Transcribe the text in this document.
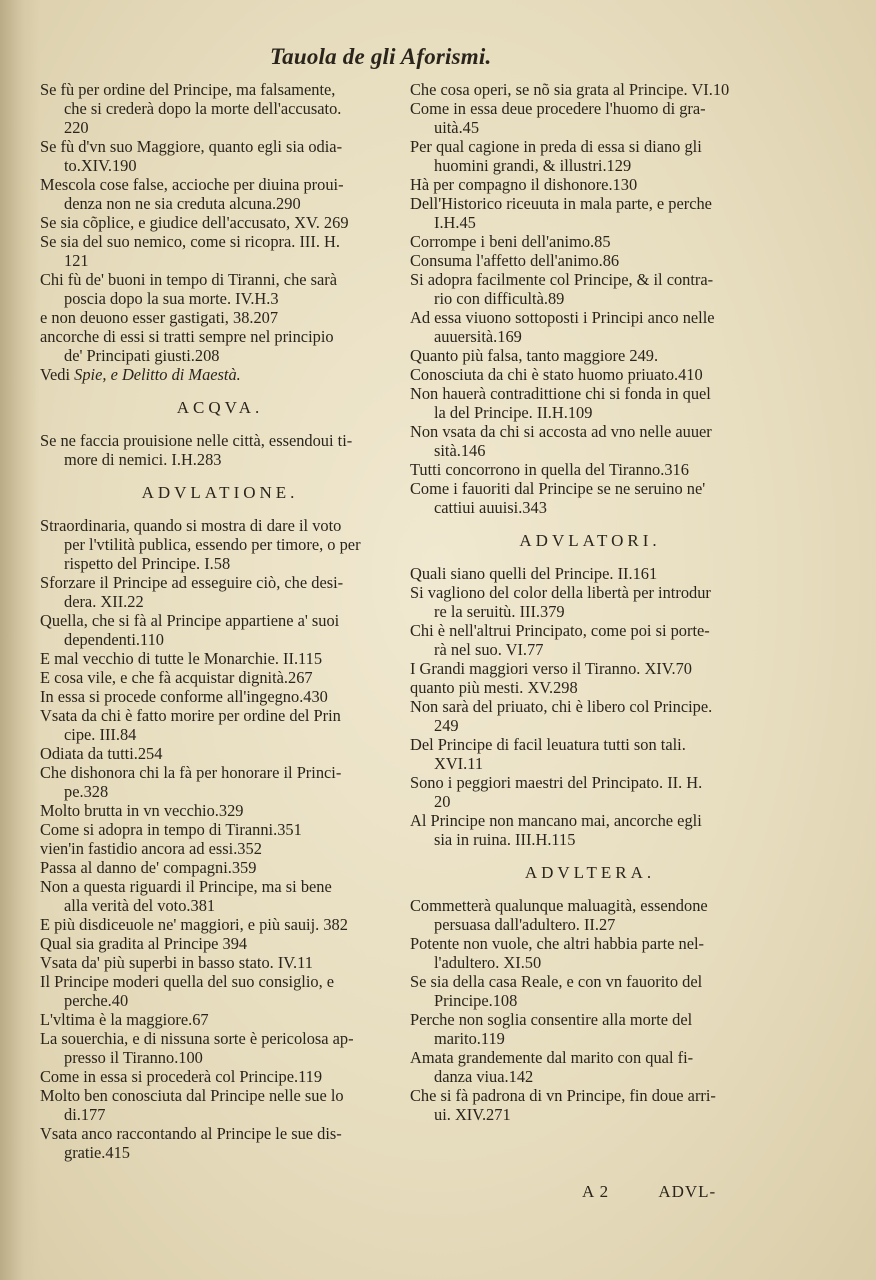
Tauola de gli Aforismi.
Se fù per ordine del Principe, ma falsamente,
che si crederà dopo la morte dell'accusato.
220
Se fù d'vn suo Maggiore, quanto egli sia odia-
to.XIV.190
Mescola cose false, accioche per diuina proui-
denza non ne sia creduta alcuna.290
Se sia cõplice, e giudice dell'accusato, XV. 269
Se sia del suo nemico, come si ricopra. III. H.
121
Chi fù de' buoni in tempo di Tiranni, che sarà
poscia dopo la sua morte. IV.H.3
e non deuono esser gastigati, 38.207
ancorche di essi si tratti sempre nel principio
de' Principati giusti.208
Vedi Spie, e Delitto di Maestà.
ACQVA.
Se ne faccia prouisione nelle città, essendoui ti-
more di nemici. I.H.283
ADVLATIONE.
Straordinaria, quando si mostra di dare il voto
per l'vtilità publica, essendo per timore, o per
rispetto del Principe. I.58
Sforzare il Principe ad esseguire ciò, che desi-
dera. XII.22
Quella, che si fà al Principe appartiene a' suoi
dependenti.110
E mal vecchio di tutte le Monarchie. II.115
E cosa vile, e che fà acquistar dignità.267
In essa si procede conforme all'ingegno.430
Vsata da chi è fatto morire per ordine del Prin
cipe. III.84
Odiata da tutti.254
Che dishonora chi la fà per honorare il Princi-
pe.328
Molto brutta in vn vecchio.329
Come si adopra in tempo di Tiranni.351
vien'in fastidio ancora ad essi.352
Passa al danno de' compagni.359
Non a questa riguardi il Principe, ma si bene
alla verità del voto.381
E più disdiceuole ne' maggiori, e più sauij. 382
Qual sia gradita al Principe 394
Vsata da' più superbi in basso stato. IV.11
Il Principe moderi quella del suo consiglio, e
perche.40
L'vltima è la maggiore.67
La souerchia, e di nissuna sorte è pericolosa ap-
presso il Tiranno.100
Come in essa si procederà col Principe.119
Molto ben conosciuta dal Principe nelle sue lo
di.177
Vsata anco raccontando al Principe le sue dis-
gratie.415
Che cosa operi, se nõ sia grata al Principe. VI.10
Come in essa deue procedere l'huomo di gra-
uità.45
Per qual cagione in preda di essa si diano gli
huomini grandi, & illustri.129
Hà per compagno il dishonore.130
Dell'Historico riceuuta in mala parte, e perche
I.H.45
Corrompe i beni dell'animo.85
Consuma l'affetto dell'animo.86
Si adopra facilmente col Principe, & il contra-
rio con difficultà.89
Ad essa viuono sottoposti i Principi anco nelle
auuersità.169
Quanto più falsa, tanto maggiore 249.
Conosciuta da chi è stato huomo priuato.410
Non hauerà contradittione chi si fonda in quel
la del Principe. II.H.109
Non vsata da chi si accosta ad vno nelle auuer
sità.146
Tutti concorrono in quella del Tiranno.316
Come i fauoriti dal Principe se ne seruino ne'
cattiui auuisi.343
ADVLATORI.
Quali siano quelli del Principe. II.161
Si vagliono del color della libertà per introdur
re la seruitù. III.379
Chi è nell'altrui Principato, come poi si porte-
rà nel suo. VI.77
I Grandi maggiori verso il Tiranno. XIV.70
quanto più mesti. XV.298
Non sarà del priuato, chi è libero col Principe.
249
Del Principe di facil leuatura tutti son tali.
XVI.11
Sono i peggiori maestri del Principato. II. H.
20
Al Principe non mancano mai, ancorche egli
sia in ruina. III.H.115
ADVLTERA.
Commetterà qualunque maluagità, essendone
persuasa dall'adultero. II.27
Potente non vuole, che altri habbia parte nel-
l'adultero. XI.50
Se sia della casa Reale, e con vn fauorito del
Principe.108
Perche non soglia consentire alla morte del
marito.119
Amata grandemente dal marito con qual fi-
danza viua.142
Che si fà padrona di vn Principe, fin doue arri-
ui. XIV.271
A 2	ADVL-
